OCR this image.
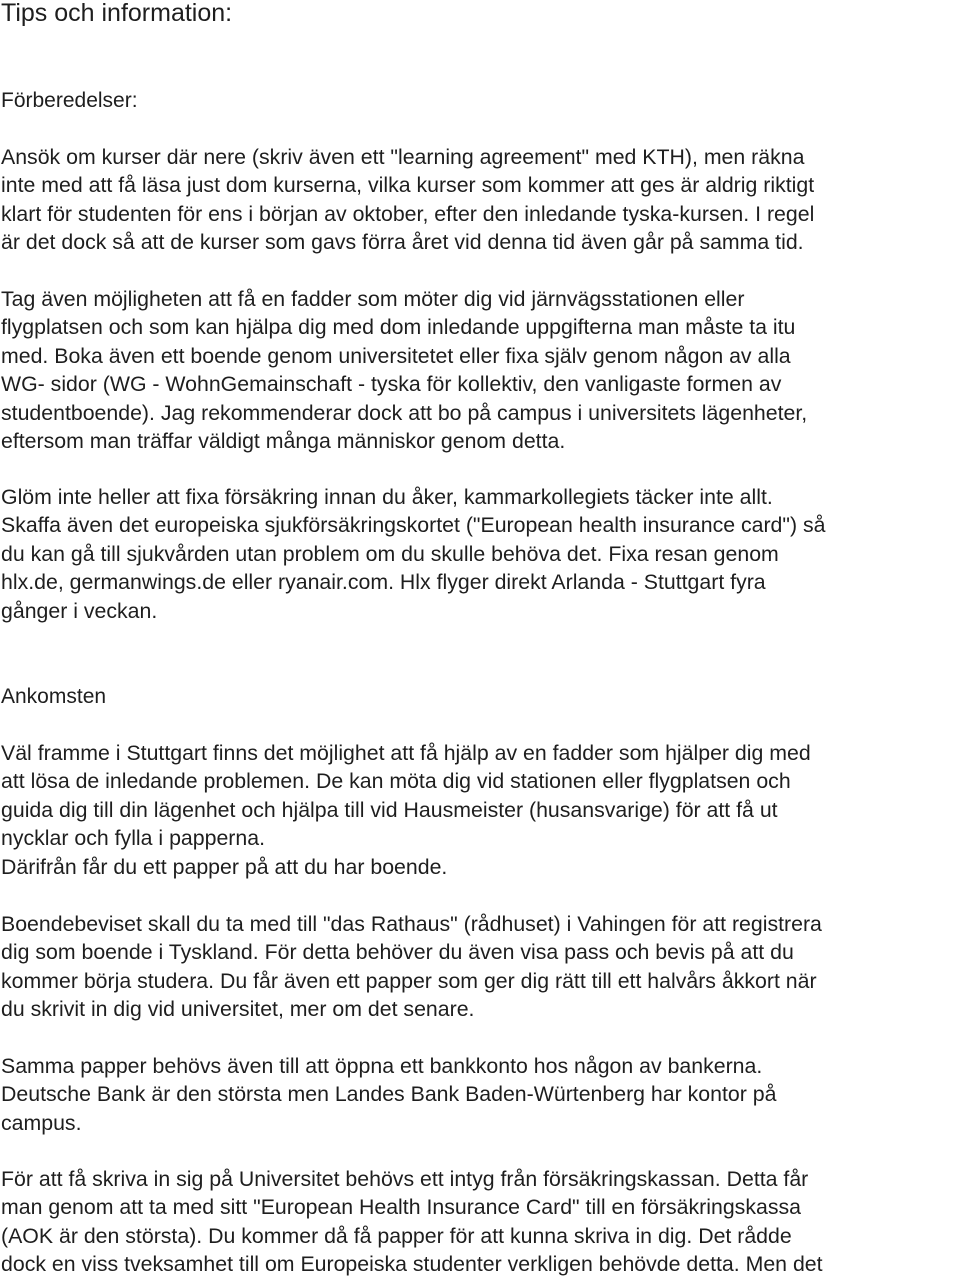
Tips och information:
Förberedelser:

Ansök om kurser där nere (skriv även ett "learning agreement" med KTH), men räkna
inte med att få läsa just dom kurserna, vilka kurser som kommer att ges är aldrig riktigt
klart för studenten för ens i början av oktober, efter den inledande tyska-kursen. I regel
är det dock så att de kurser som gavs förra året vid denna tid även går på samma tid.

Tag även möjligheten att få en fadder som möter dig vid järnvägsstationen eller
flygplatsen och som kan hjälpa dig med dom inledande uppgifterna man måste ta itu
med. Boka även ett boende genom universitetet eller fixa själv genom någon av alla
WG- sidor (WG - WohnGemainschaft - tyska för kollektiv, den vanligaste formen av
studentboende). Jag rekommenderar dock att bo på campus i universitets lägenheter,
eftersom man träffar väldigt många människor genom detta.

Glöm inte heller att fixa försäkring innan du åker, kammarkollegiets täcker inte allt.
Skaffa även det europeiska sjukförsäkringskortet ("European health insurance card") så
du kan gå till sjukvården utan problem om du skulle behöva det. Fixa resan genom
hlx.de, germanwings.de eller ryanair.com. Hlx flyger direkt Arlanda - Stuttgart fyra
gånger i veckan.

Ankomsten

Väl framme i Stuttgart finns det möjlighet att få hjälp av en fadder som hjälper dig med
att lösa de inledande problemen. De kan möta dig vid stationen eller flygplatsen och
guida dig till din lägenhet och hjälpa till vid Hausmeister (husansvarige) för att få ut
nycklar och fylla i papperna.
Därifrån får du ett papper på att du har boende.

Boendebeviset skall du ta med till "das Rathaus" (rådhuset) i Vahingen för att registrera
dig som boende i Tyskland. För detta behöver du även visa pass och bevis på att du
kommer börja studera. Du får även ett papper som ger dig rätt till ett halvårs åkkort när
du skrivit in dig vid universitet, mer om det senare.

Samma papper behövs även till att öppna ett bankkonto hos någon av bankerna.
Deutsche Bank är den största men Landes Bank Baden-Würtenberg har kontor på
campus.

För att få skriva in sig på Universitet behövs ett intyg från försäkringskassan. Detta får
man genom att ta med sitt "European Health Insurance Card" till en försäkringskassa
(AOK är den största). Du kommer då få papper för att kunna skriva in dig. Det rådde
dock en viss tveksamhet till om Europeiska studenter verkligen behövde detta. Men det
